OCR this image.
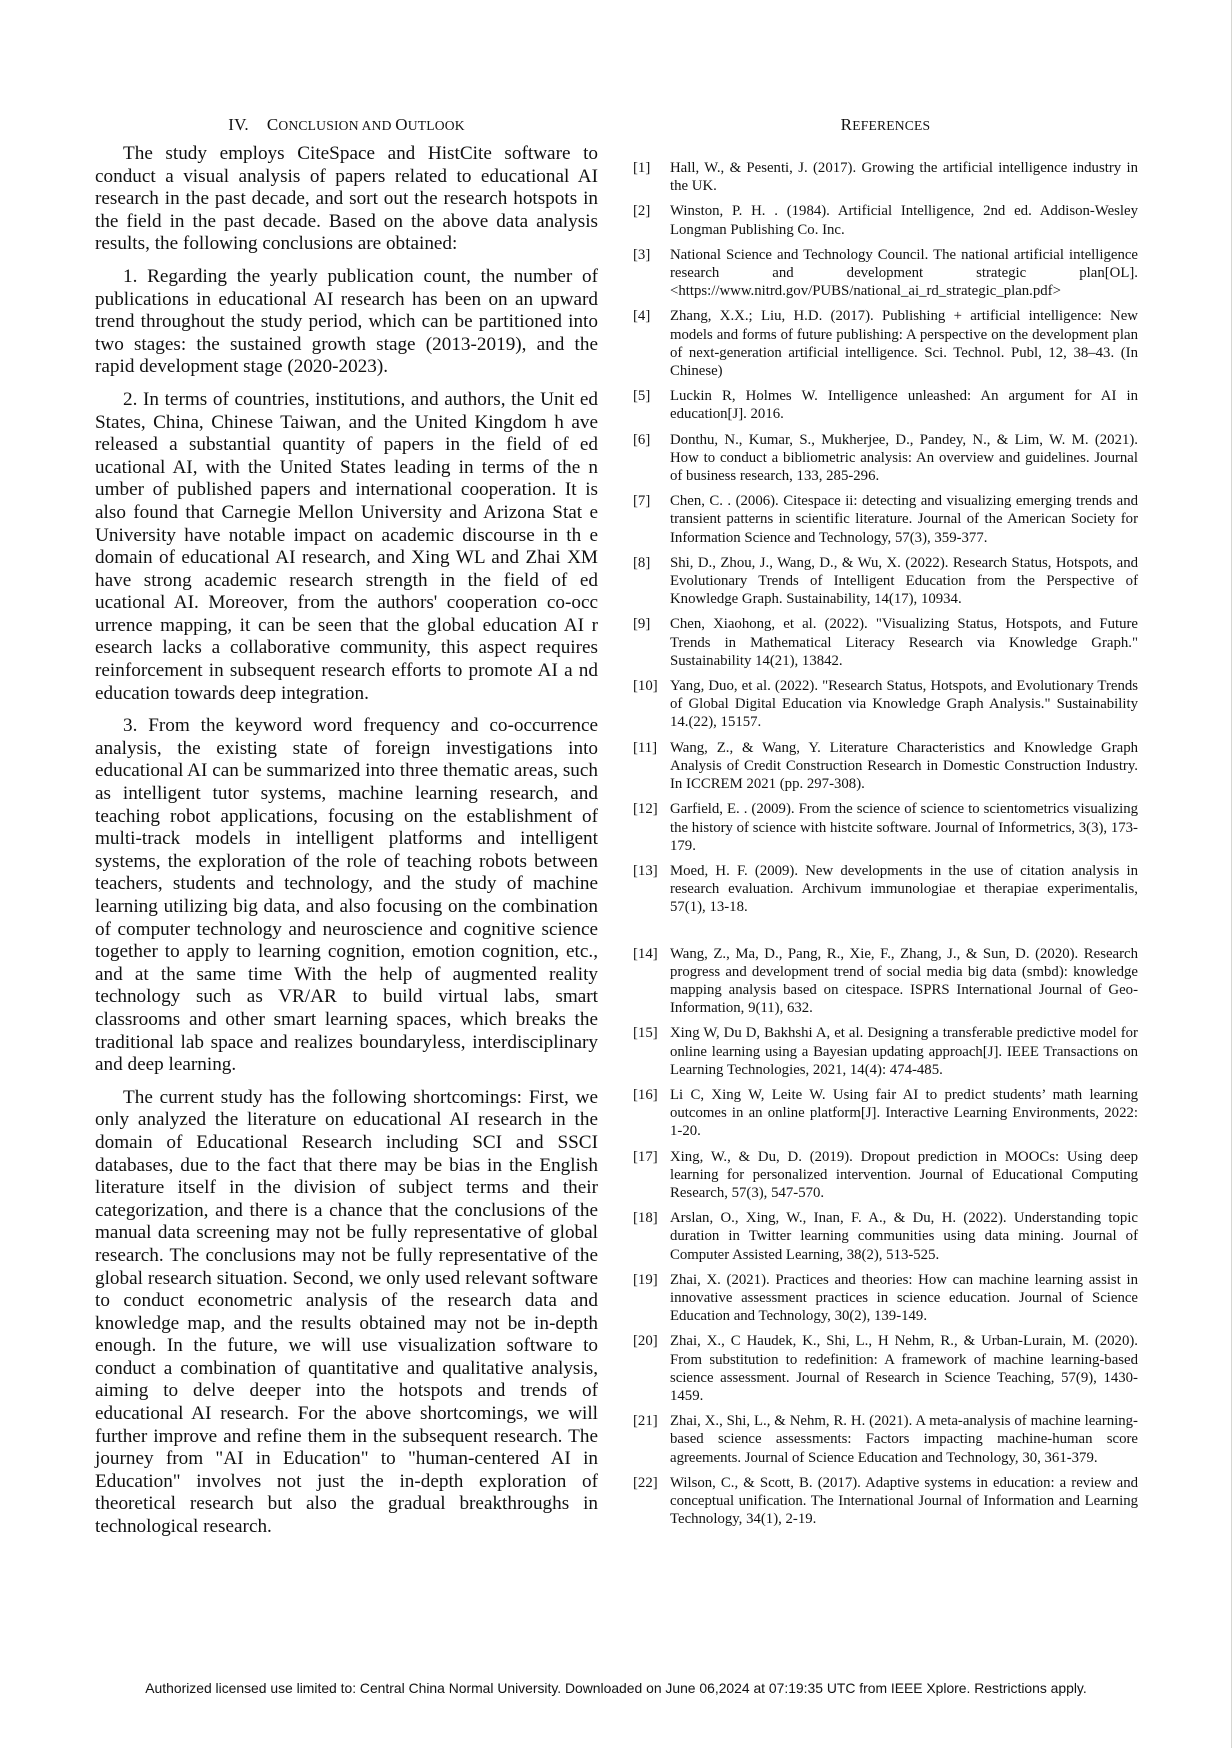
IV. CONCLUSION AND OUTLOOK

The study employs CiteSpace and HistCite software to conduct a visual analysis of papers related to educational AI research in the past decade, and sort out the research hotspots in the field in the past decade. Based on the above data analysis results, the following conclusions are obtained:

1. Regarding the yearly publication count, the number of publications in educational AI research has been on an upward trend throughout the study period, which can be partitioned into two stages: the sustained growth stage (2013-2019), and the rapid development stage (2020-2023).

2. In terms of countries, institutions, and authors, the Unit ed States, China, Chinese Taiwan, and the United Kingdom h ave released a substantial quantity of papers in the field of ed ucational AI, with the United States leading in terms of the n umber of published papers and international cooperation. It is also found that Carnegie Mellon University and Arizona Stat e University have notable impact on academic discourse in th e domain of educational AI research, and Xing WL and Zhai XM have strong academic research strength in the field of ed ucational AI. Moreover, from the authors' cooperation co-occ urrence mapping, it can be seen that the global education AI r esearch lacks a collaborative community, this aspect requires reinforcement in subsequent research efforts to promote AI a nd education towards deep integration.

3. From the keyword word frequency and co-occurrence analysis, the existing state of foreign investigations into educational AI can be summarized into three thematic areas, such as intelligent tutor systems, machine learning research, and teaching robot applications, focusing on the establishment of multi-track models in intelligent platforms and intelligent systems, the exploration of the role of teaching robots between teachers, students and technology, and the study of machine learning utilizing big data, and also focusing on the combination of computer technology and neuroscience and cognitive science together to apply to learning cognition, emotion cognition, etc., and at the same time With the help of augmented reality technology such as VR/AR to build virtual labs, smart classrooms and other smart learning spaces, which breaks the traditional lab space and realizes boundaryless, interdisciplinary and deep learning.

The current study has the following shortcomings: First, we only analyzed the literature on educational AI research in the domain of Educational Research including SCI and SSCI databases, due to the fact that there may be bias in the English literature itself in the division of subject terms and their categorization, and there is a chance that the conclusions of the manual data screening may not be fully representative of global research. The conclusions may not be fully representative of the global research situation. Second, we only used relevant software to conduct econometric analysis of the research data and knowledge map, and the results obtained may not be in-depth enough. In the future, we will use visualization software to conduct a combination of quantitative and qualitative analysis, aiming to delve deeper into the hotspots and trends of educational AI research. For the above shortcomings, we will further improve and refine them in the subsequent research. The journey from "AI in Education" to "human-centered AI in Education" involves not just the in-depth exploration of theoretical research but also the gradual breakthroughs in technological research.

REFERENCES
[1]	Hall, W., & Pesenti, J. (2017). Growing the artificial intelligence industry in the UK.
[2]	Winston, P. H. . (1984). Artificial Intelligence, 2nd ed. Addison-Wesley Longman Publishing Co. Inc.
[3]	National Science and Technology Council. The national artificial intelligence research and development strategic plan[OL].<https://www.nitrd.gov/PUBS/national_ai_rd_strategic_plan.pdf>
[4]	Zhang, X.X.; Liu, H.D. (2017). Publishing + artificial intelligence: New models and forms of future publishing: A perspective on the development plan of next-generation artificial intelligence. Sci. Technol. Publ, 12, 38–43. (In Chinese)
[5]	Luckin R, Holmes W. Intelligence unleashed: An argument for AI in education[J]. 2016.
[6]	Donthu, N., Kumar, S., Mukherjee, D., Pandey, N., & Lim, W. M. (2021). How to conduct a bibliometric analysis: An overview and guidelines. Journal of business research, 133, 285-296.
[7]	Chen, C. . (2006). Citespace ii: detecting and visualizing emerging trends and transient patterns in scientific literature. Journal of the American Society for Information Science and Technology, 57(3), 359-377.
[8]	Shi, D., Zhou, J., Wang, D., & Wu, X. (2022). Research Status, Hotspots, and Evolutionary Trends of Intelligent Education from the Perspective of Knowledge Graph. Sustainability, 14(17), 10934.
[9]	Chen, Xiaohong, et al. (2022). "Visualizing Status, Hotspots, and Future Trends in Mathematical Literacy Research via Knowledge Graph." Sustainability 14(21), 13842.
[10] Yang, Duo, et al. (2022). "Research Status, Hotspots, and Evolutionary Trends of Global Digital Education via Knowledge Graph Analysis." Sustainability 14.(22), 15157.
[11] Wang, Z., & Wang, Y. Literature Characteristics and Knowledge Graph Analysis of Credit Construction Research in Domestic Construction Industry. In ICCREM 2021 (pp. 297-308).
[12] Garfield, E. . (2009). From the science of science to scientometrics visualizing the history of science with histcite software. Journal of Informetrics, 3(3), 173-179.
[13] Moed, H. F. (2009). New developments in the use of citation analysis in research evaluation. Archivum immunologiae et therapiae experimentalis, 57(1), 13-18.
[14] Wang, Z., Ma, D., Pang, R., Xie, F., Zhang, J., & Sun, D. (2020). Research progress and development trend of social media big data (smbd): knowledge mapping analysis based on citespace. ISPRS International Journal of Geo-Information, 9(11), 632.
[15] Xing W, Du D, Bakhshi A, et al. Designing a transferable predictive model for online learning using a Bayesian updating approach[J]. IEEE Transactions on Learning Technologies, 2021, 14(4): 474-485.
[16] Li C, Xing W, Leite W. Using fair AI to predict students’ math learning outcomes in an online platform[J]. Interactive Learning Environments, 2022: 1-20.
[17] Xing, W., & Du, D. (2019). Dropout prediction in MOOCs: Using deep learning for personalized intervention. Journal of Educational Computing Research, 57(3), 547-570.
[18] Arslan, O., Xing, W., Inan, F. A., & Du, H. (2022). Understanding topic duration in Twitter learning communities using data mining. Journal of Computer Assisted Learning, 38(2), 513-525.
[19] Zhai, X. (2021). Practices and theories: How can machine learning assist in innovative assessment practices in science education. Journal of Science Education and Technology, 30(2), 139-149.
[20] Zhai, X., C Haudek, K., Shi, L., H Nehm, R., & Urban‐Lurain, M. (2020). From substitution to redefinition: A framework of machine learning‐based science assessment. Journal of Research in Science Teaching, 57(9), 1430-1459.
[21] Zhai, X., Shi, L., & Nehm, R. H. (2021). A meta-analysis of machine learning-based science assessments: Factors impacting machine-human score agreements. Journal of Science Education and Technology, 30, 361-379.
[22] Wilson, C., & Scott, B. (2017). Adaptive systems in education: a review and conceptual unification. The International Journal of Information and Learning Technology, 34(1), 2-19.
Authorized licensed use limited to: Central China Normal University. Downloaded on June 06,2024 at 07:19:35 UTC from IEEE Xplore. Restrictions apply.
